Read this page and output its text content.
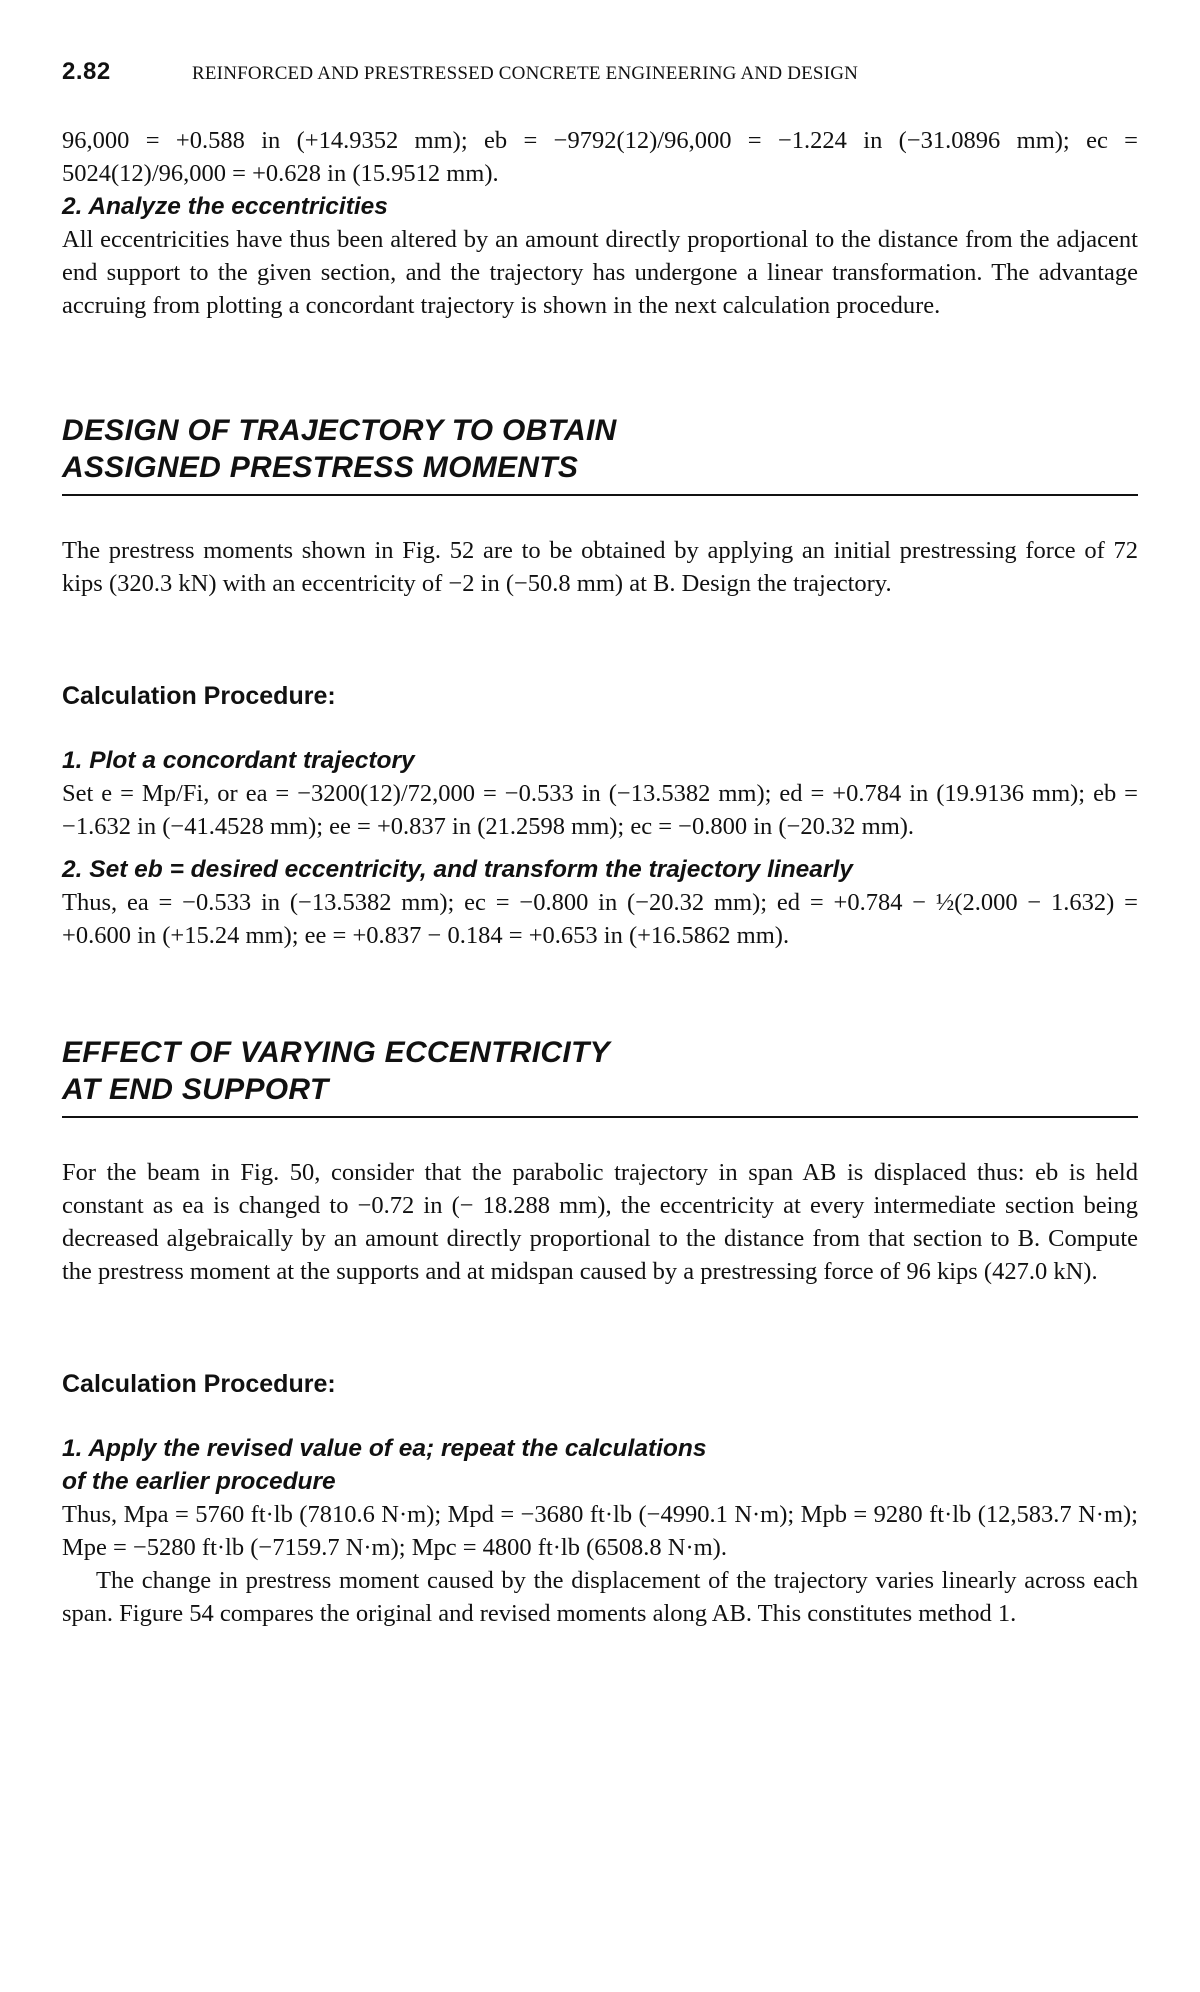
2.82	REINFORCED AND PRESTRESSED CONCRETE ENGINEERING AND DESIGN

96,000 = +0.588 in (+14.9352 mm); eb = −9792(12)/96,000 = −1.224 in (−31.0896 mm); ec = 5024(12)/96,000 = +0.628 in (15.9512 mm).

2. Analyze the eccentricities

All eccentricities have thus been altered by an amount directly proportional to the distance from the adjacent end support to the given section, and the trajectory has undergone a linear transformation. The advantage accruing from plotting a concordant trajectory is shown in the next calculation procedure.

DESIGN OF TRAJECTORY TO OBTAIN

ASSIGNED PRESTRESS MOMENTS

The prestress moments shown in Fig. 52 are to be obtained by applying an initial prestressing force of 72 kips (320.3 kN) with an eccentricity of −2 in (−50.8 mm) at B. Design the trajectory.

Calculation Procedure:

1. Plot a concordant trajectory

Set e = Mp/Fi, or ea = −3200(12)/72,000 = −0.533 in (−13.5382 mm); ed = +0.784 in (19.9136 mm); eb = −1.632 in (−41.4528 mm); ee = +0.837 in (21.2598 mm); ec = −0.800 in (−20.32 mm).

2. Set eb = desired eccentricity, and transform the trajectory linearly

Thus, ea = −0.533 in (−13.5382 mm); ec = −0.800 in (−20.32 mm); ed = +0.784 − ½(2.000 − 1.632) = +0.600 in (+15.24 mm); ee = +0.837 − 0.184 = +0.653 in (+16.5862 mm).

EFFECT OF VARYING ECCENTRICITY

AT END SUPPORT

For the beam in Fig. 50, consider that the parabolic trajectory in span AB is displaced thus: eb is held constant as ea is changed to −0.72 in (− 18.288 mm), the eccentricity at every intermediate section being decreased algebraically by an amount directly proportional to the distance from that section to B. Compute the prestress moment at the supports and at midspan caused by a prestressing force of 96 kips (427.0 kN).

Calculation Procedure:

1. Apply the revised value of ea; repeat the calculations

of the earlier procedure

Thus, Mpa = 5760 ft·lb (7810.6 N·m); Mpd = −3680 ft·lb (−4990.1 N·m); Mpb = 9280 ft·lb (12,583.7 N·m); Mpe = −5280 ft·lb (−7159.7 N·m); Mpc = 4800 ft·lb (6508.8 N·m).

The change in prestress moment caused by the displacement of the trajectory varies linearly across each span. Figure 54 compares the original and revised moments along AB. This constitutes method 1.
